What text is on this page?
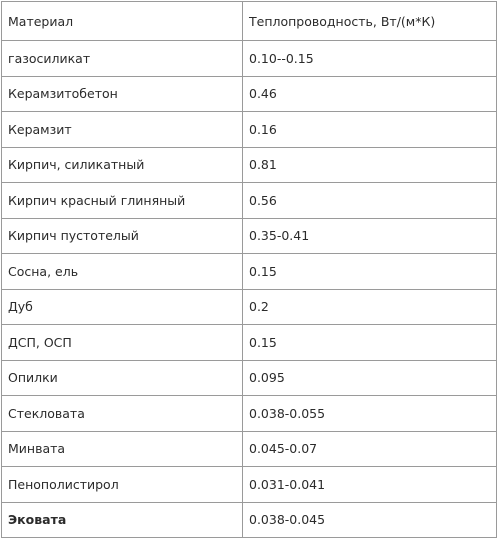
Материал	Теплопроводность, Вт/(м*К)
газосиликат	0.10--0.15
Керамзитобетон	0.46
Керамзит	0.16
Кирпич, силикатный	0.81
Кирпич красный глиняный	0.56
Кирпич пустотелый	0.35-0.41
Сосна, ель	0.15
Дуб	0.2
ДСП, ОСП	0.15
Опилки	0.095
Стекловата	0.038-0.055
Минвата	0.045-0.07
Пенополистирол	0.031-0.041
Эковата	0.038-0.045
